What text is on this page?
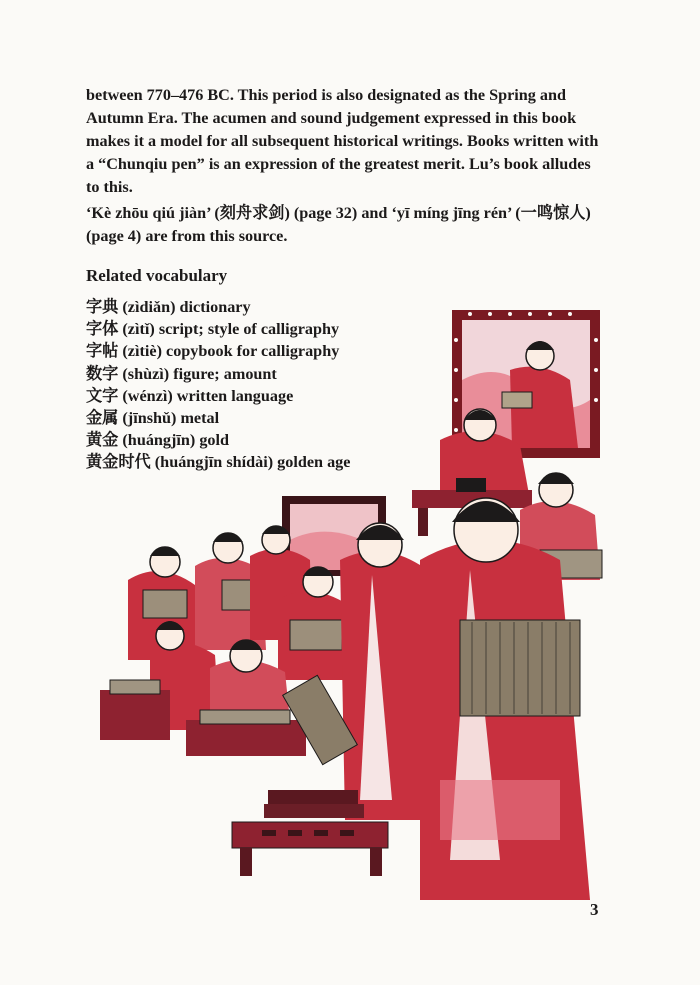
between 770–476 BC. This period is also designated as the Spring and Autumn Era. The acumen and sound judgement expressed in this book makes it a model for all subsequent historical writings. Books written with a “Chunqiu pen” is an expression of the greatest merit. Lu’s book alludes to this.

‘Kè zhōu qiú jiàn’ (刻舟求剑) (page 32) and ‘yī míng jīng rén’ (一鸣惊人) (page 4) are from this source.

Related vocabulary
字典 (zìdiǎn) dictionary
字体 (zìtǐ) script; style of calligraphy
字帖 (zìtiè) copybook for calligraphy
数字 (shùzì) figure; amount
文字 (wénzì) written language
金属 (jīnshǔ) metal
黄金 (huángjīn) gold
黄金时代 (huángjīn shídài) golden age
3
